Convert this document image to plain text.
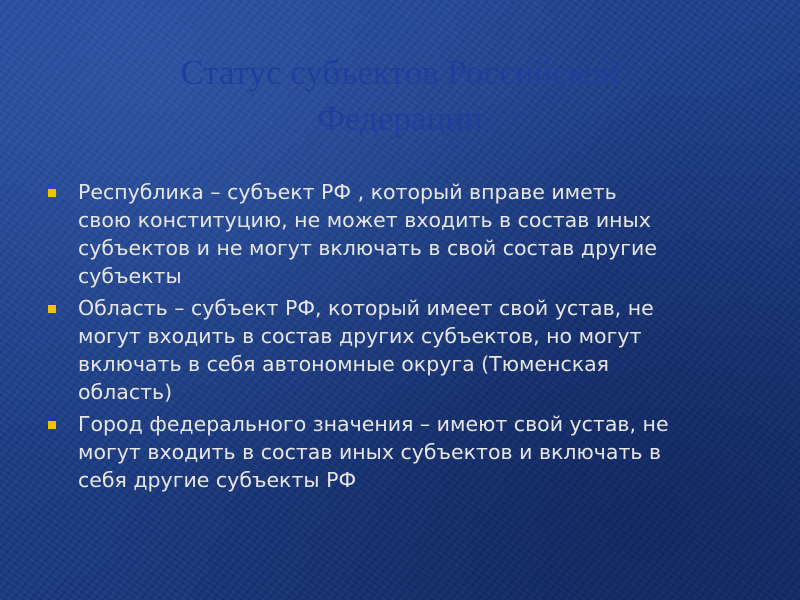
Статус субъектов Российской
Федерации
Республика – субъект РФ , который вправе иметь
свою конституцию, не может входить в состав иных
субъектов и не могут включать в свой состав другие
субъекты
Область – субъект РФ, который имеет свой устав, не
могут входить в состав других субъектов, но могут
включать в себя автономные округа (Тюменская
область)
Город федерального значения – имеют свой устав, не
могут входить в состав иных субъектов и включать в
себя другие субъекты РФ
